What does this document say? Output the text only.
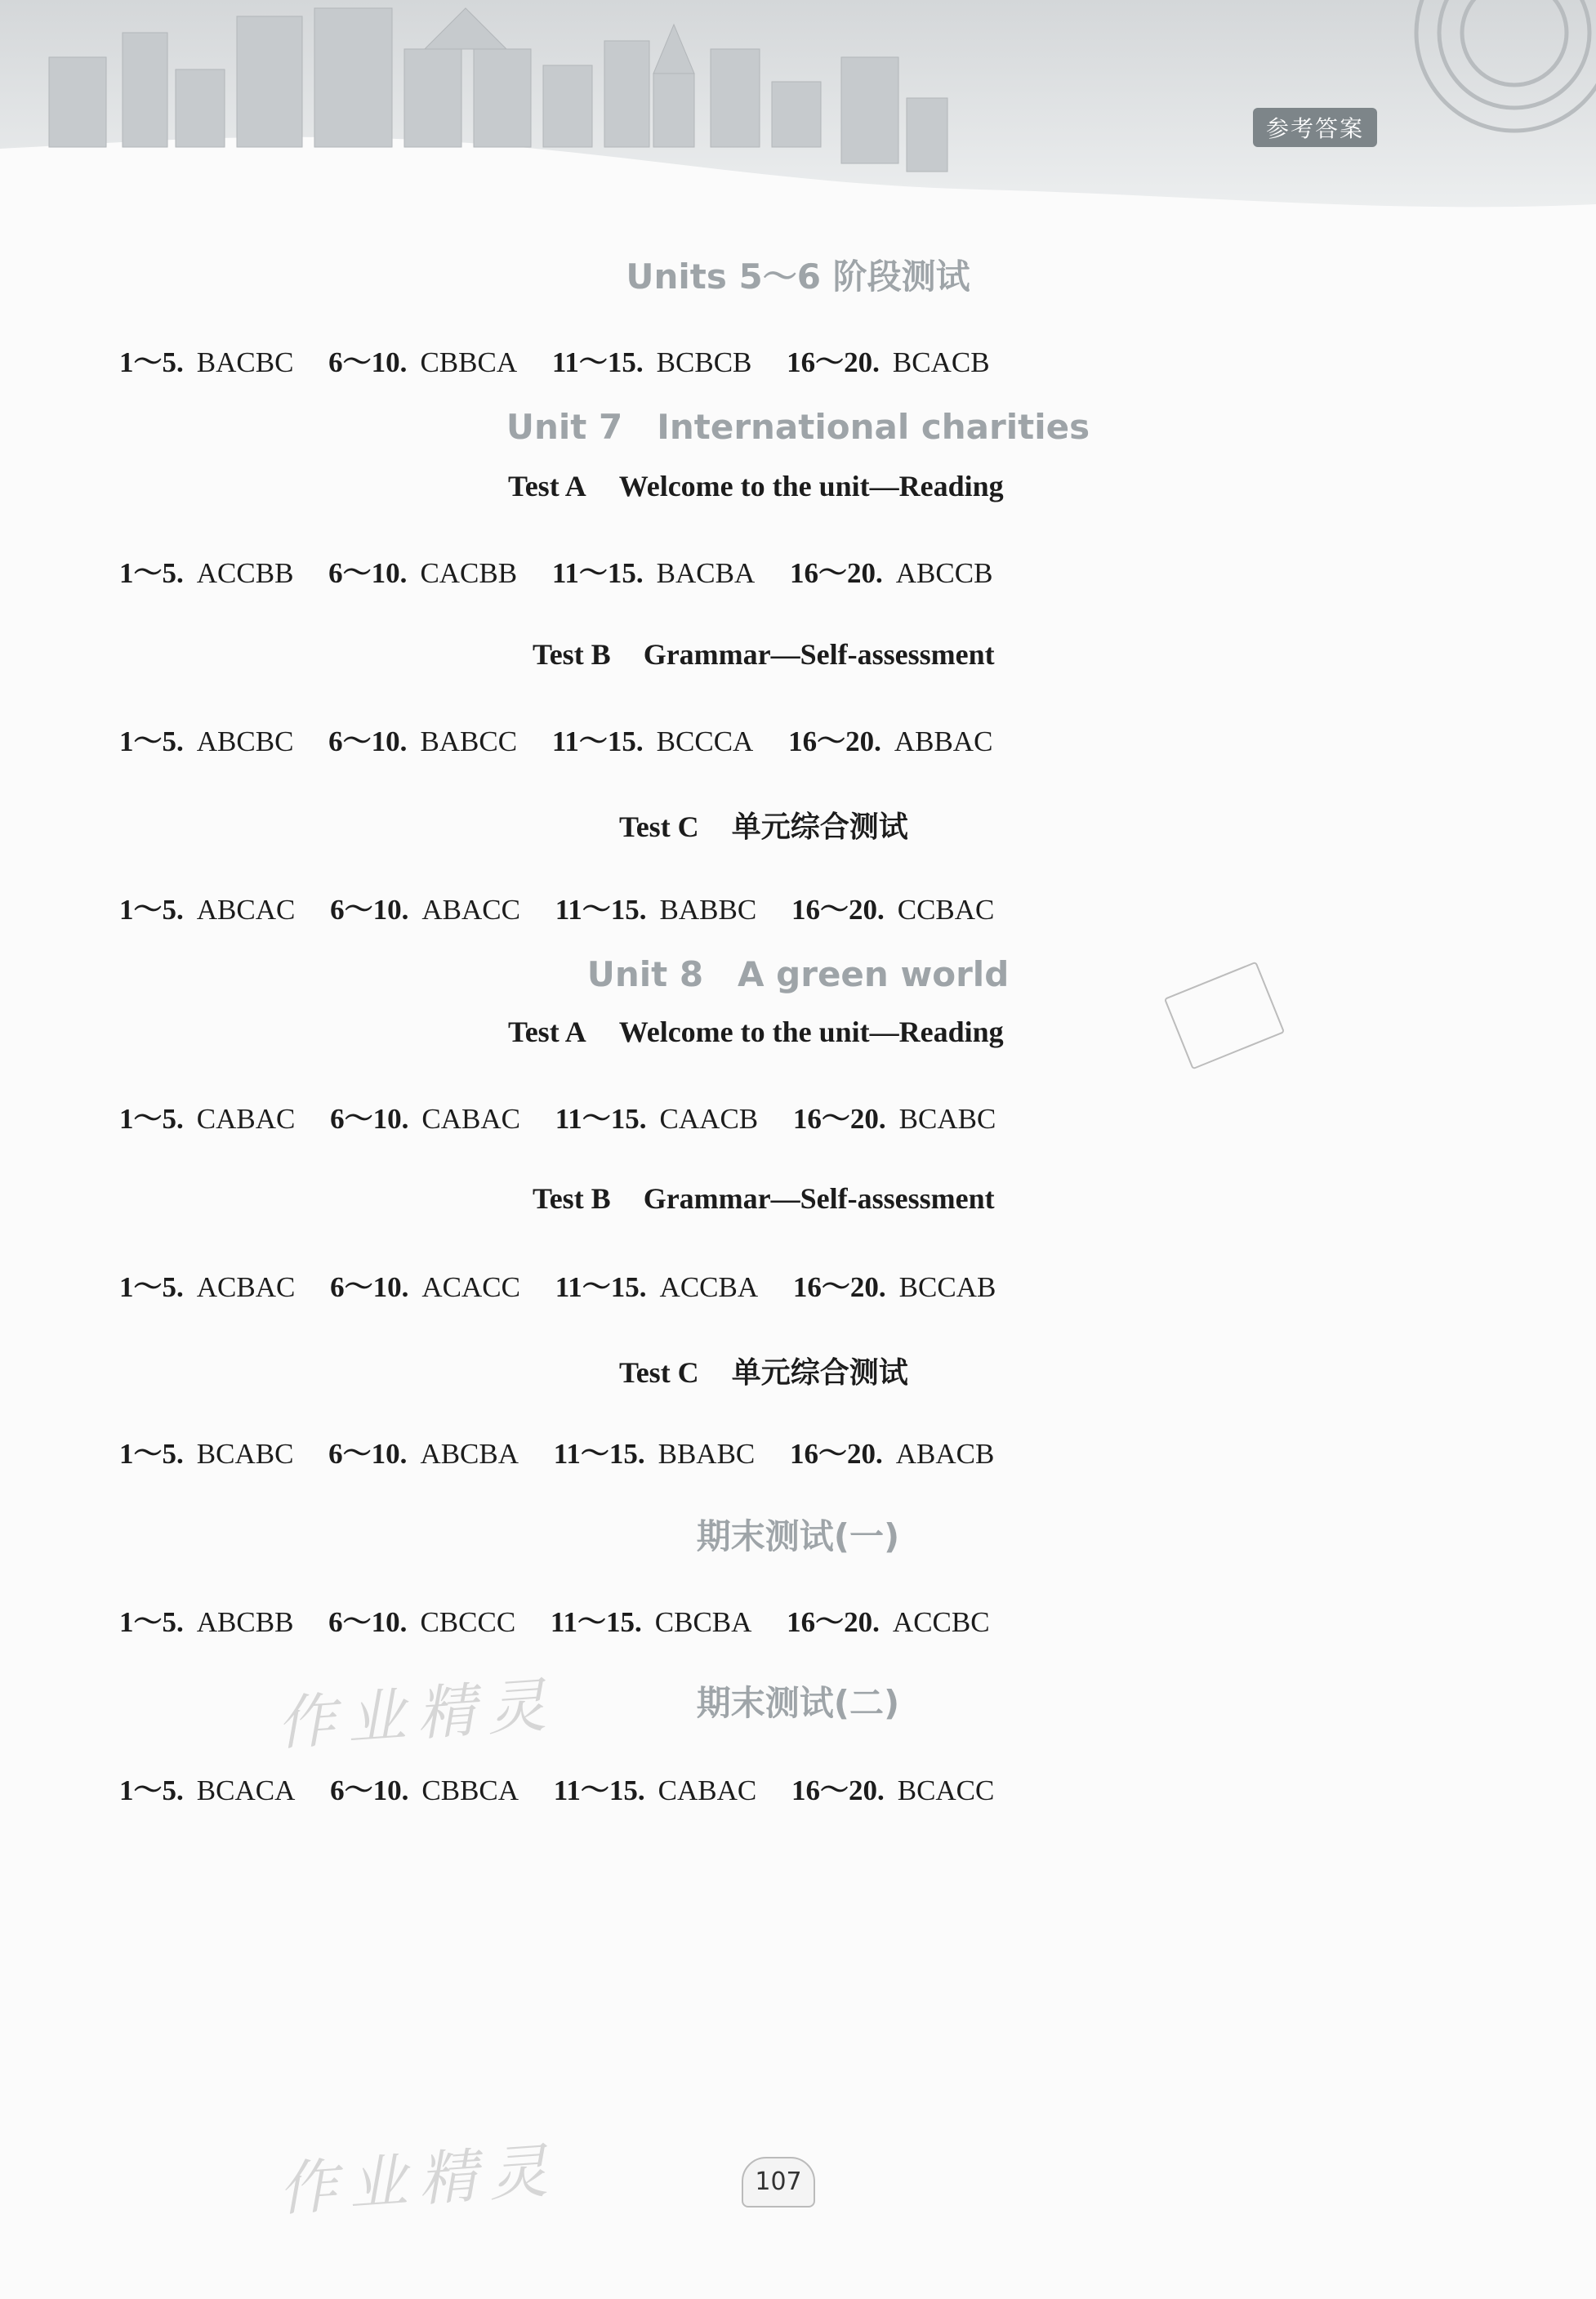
参考答案
Units 5～6 阶段测试
1～5. BACBC 6～10. CBBCA 11～15. BCBCB 16～20. BCACB
Unit 7　International charities
Test A Welcome to the unit—Reading
1～5. ACCBB 6～10. CACBB 11～15. BACBA 16～20. ABCCB
Test B Grammar—Self-assessment
1～5. ABCBC 6～10. BABCC 11～15. BCCCA 16～20. ABBAC
Test C 单元综合测试
1～5. ABCAC 6～10. ABACC 11～15. BABBC 16～20. CCBAC
Unit 8　A green world
Test A Welcome to the unit—Reading
1～5. CABAC 6～10. CABAC 11～15. CAACB 16～20. BCABC
Test B Grammar—Self-assessment
1～5. ACBAC 6～10. ACACC 11～15. ACCBA 16～20. BCCAB
Test C 单元综合测试
1～5. BCABC 6～10. ABCBA 11～15. BBABC 16～20. ABACB
期末测试(一)
1～5. ABCBB 6～10. CBCCC 11～15. CBCBA 16～20. ACCBC
期末测试(二)
1～5. BCACA 6～10. CBBCA 11～15. CABAC 16～20. BCACC
作业精灵
作业精灵	107
